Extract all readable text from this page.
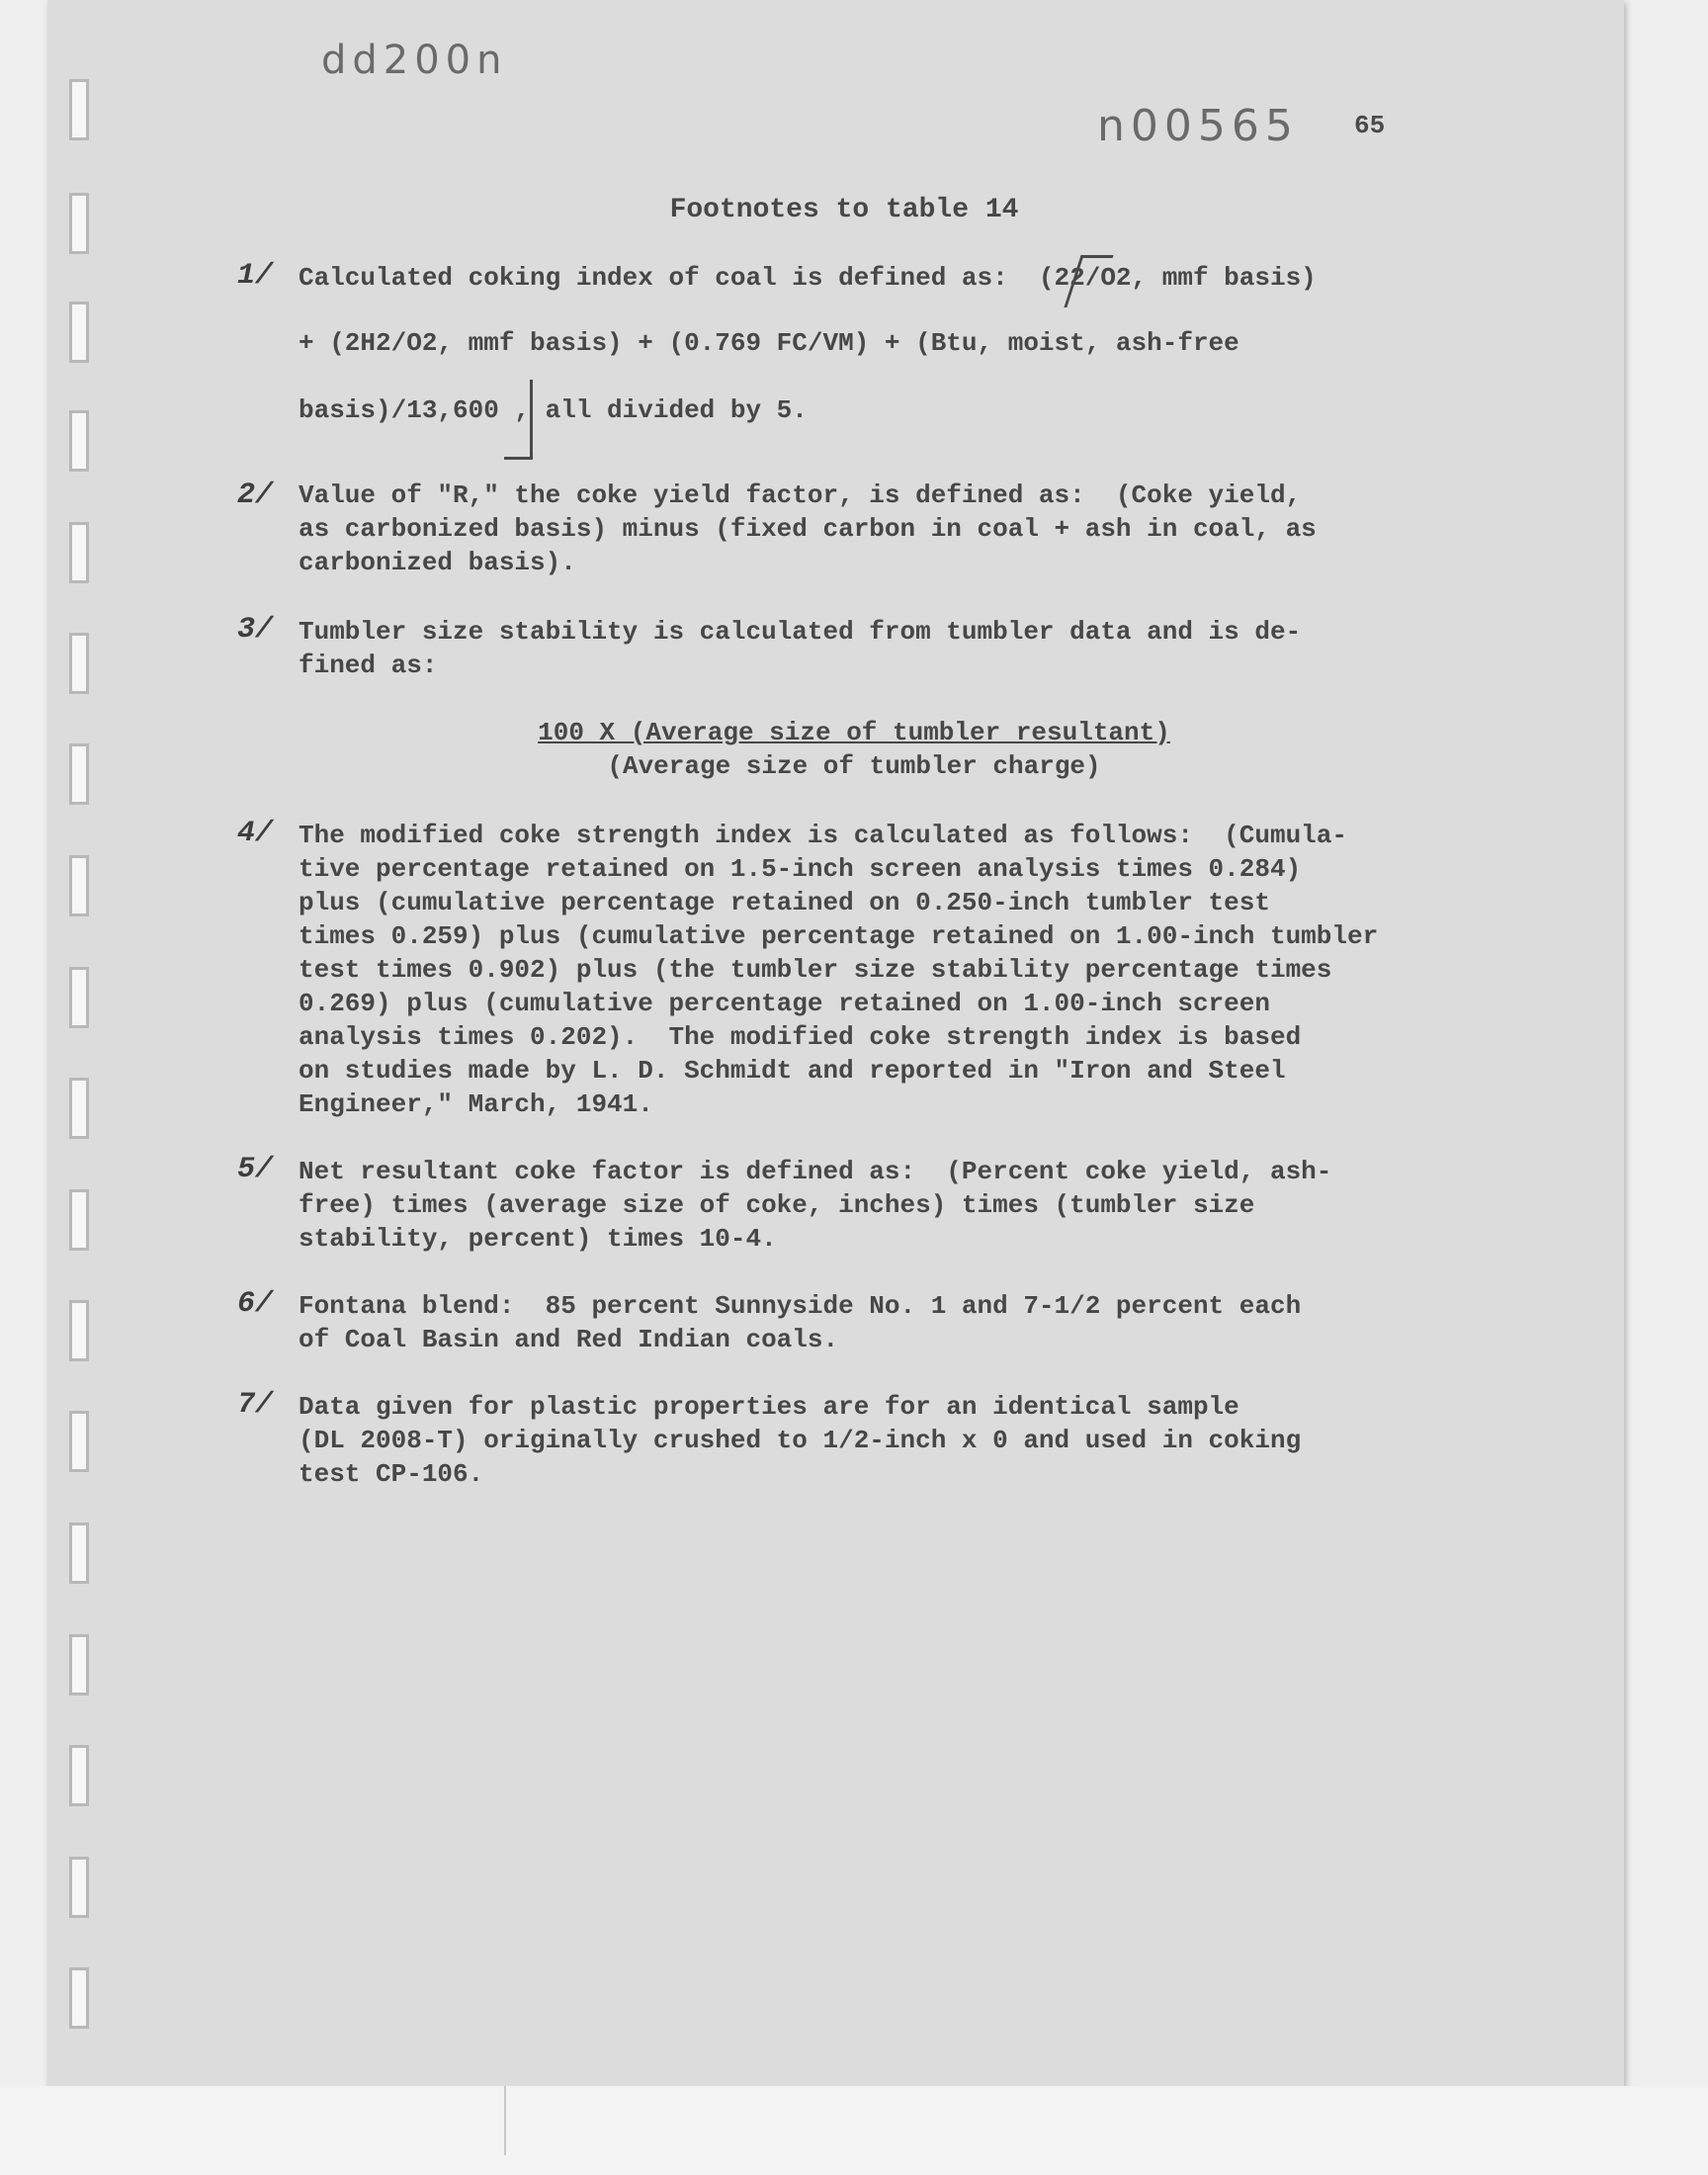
dd200n
n00565 65
Footnotes to table 14
1/ Calculated coking index of coal is defined as:  (22/O2, mmf basis)
+ (2H2/O2, mmf basis) + (0.769 FC/VM) + (Btu, moist, ash-free
basis)/13,600 , all divided by 5.
2/ Value of "R," the coke yield factor, is defined as:  (Coke yield,
as carbonized basis) minus (fixed carbon in coal + ash in coal, as
carbonized basis).
3/ Tumbler size stability is calculated from tumbler data and is de-
fined as:
100 X (Average size of tumbler resultant)
(Average size of tumbler charge)
4/ The modified coke strength index is calculated as follows:  (Cumula-
tive percentage retained on 1.5-inch screen analysis times 0.284)
plus (cumulative percentage retained on 0.250-inch tumbler test
times 0.259) plus (cumulative percentage retained on 1.00-inch tumbler
test times 0.902) plus (the tumbler size stability percentage times
0.269) plus (cumulative percentage retained on 1.00-inch screen
analysis times 0.202).  The modified coke strength index is based
on studies made by L. D. Schmidt and reported in "Iron and Steel
Engineer," March, 1941.
5/ Net resultant coke factor is defined as:  (Percent coke yield, ash-
free) times (average size of coke, inches) times (tumbler size
stability, percent) times 10-4.
6/ Fontana blend:  85 percent Sunnyside No. 1 and 7-1/2 percent each
of Coal Basin and Red Indian coals.
7/ Data given for plastic properties are for an identical sample
(DL 2008-T) originally crushed to 1/2-inch x 0 and used in coking
test CP-106.
